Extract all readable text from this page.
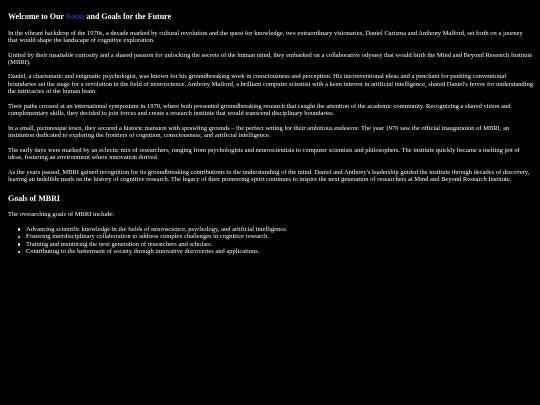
Welcome to Our Roots and Goals for the Future

In the vibrant backdrop of the 1970s, a decade marked by cultural revolution and the quest for knowledge, two extraordinary visionaries, Daniel Carisma and Anthony Malford, set forth on a journey that would shape the landscape of cognitive exploration.

United by their insatiable curiosity and a shared passion for unlocking the secrets of the human mind, they embarked on a collaborative odyssey that would birth the Mind and Beyond Research Institute (MBRI).

Daniel, a charismatic and enigmatic psychologist, was known for his groundbreaking work in consciousness and perception. His unconventional ideas and a penchant for pushing conventional boundaries set the stage for a revolution in the field of neuroscience. Anthony Malford, a brilliant computer scientist with a keen interest in artificial intelligence, shared Daniel's fervor for understanding the intricacies of the human brain.

Their paths crossed at an international symposium in 1970, where both presented groundbreaking research that caught the attention of the academic community. Recognizing a shared vision and complementary skills, they decided to join forces and create a research institute that would transcend disciplinary boundaries.

In a small, picturesque town, they secured a historic mansion with sprawling grounds – the perfect setting for their ambitious endeavor. The year 1970 saw the official inauguration of MBRI, an institution dedicated to exploring the frontiers of cognition, consciousness, and artificial intelligence.

The early days were marked by an eclectic mix of researchers, ranging from psychologists and neuroscientists to computer scientists and philosophers. The institute quickly became a melting pot of ideas, fostering an environment where innovation thrived.

As the years passed, MBRI gained recognition for its groundbreaking contributions to the understanding of the mind. Daniel and Anthony's leadership guided the institute through decades of discovery, leaving an indelible mark on the history of cognitive research. The legacy of their pioneering spirit continues to inspire the next generation of researchers at Mind and Beyond Research Institute.

Goals of MBRI

The overarching goals of MBRI include:

Advancing scientific knowledge in the fields of neuroscience, psychology, and artificial intelligence.
Fostering interdisciplinary collaboration to address complex challenges in cognitive research.
Training and mentoring the next generation of researchers and scholars.
Contributing to the betterment of society through innovative discoveries and applications.
